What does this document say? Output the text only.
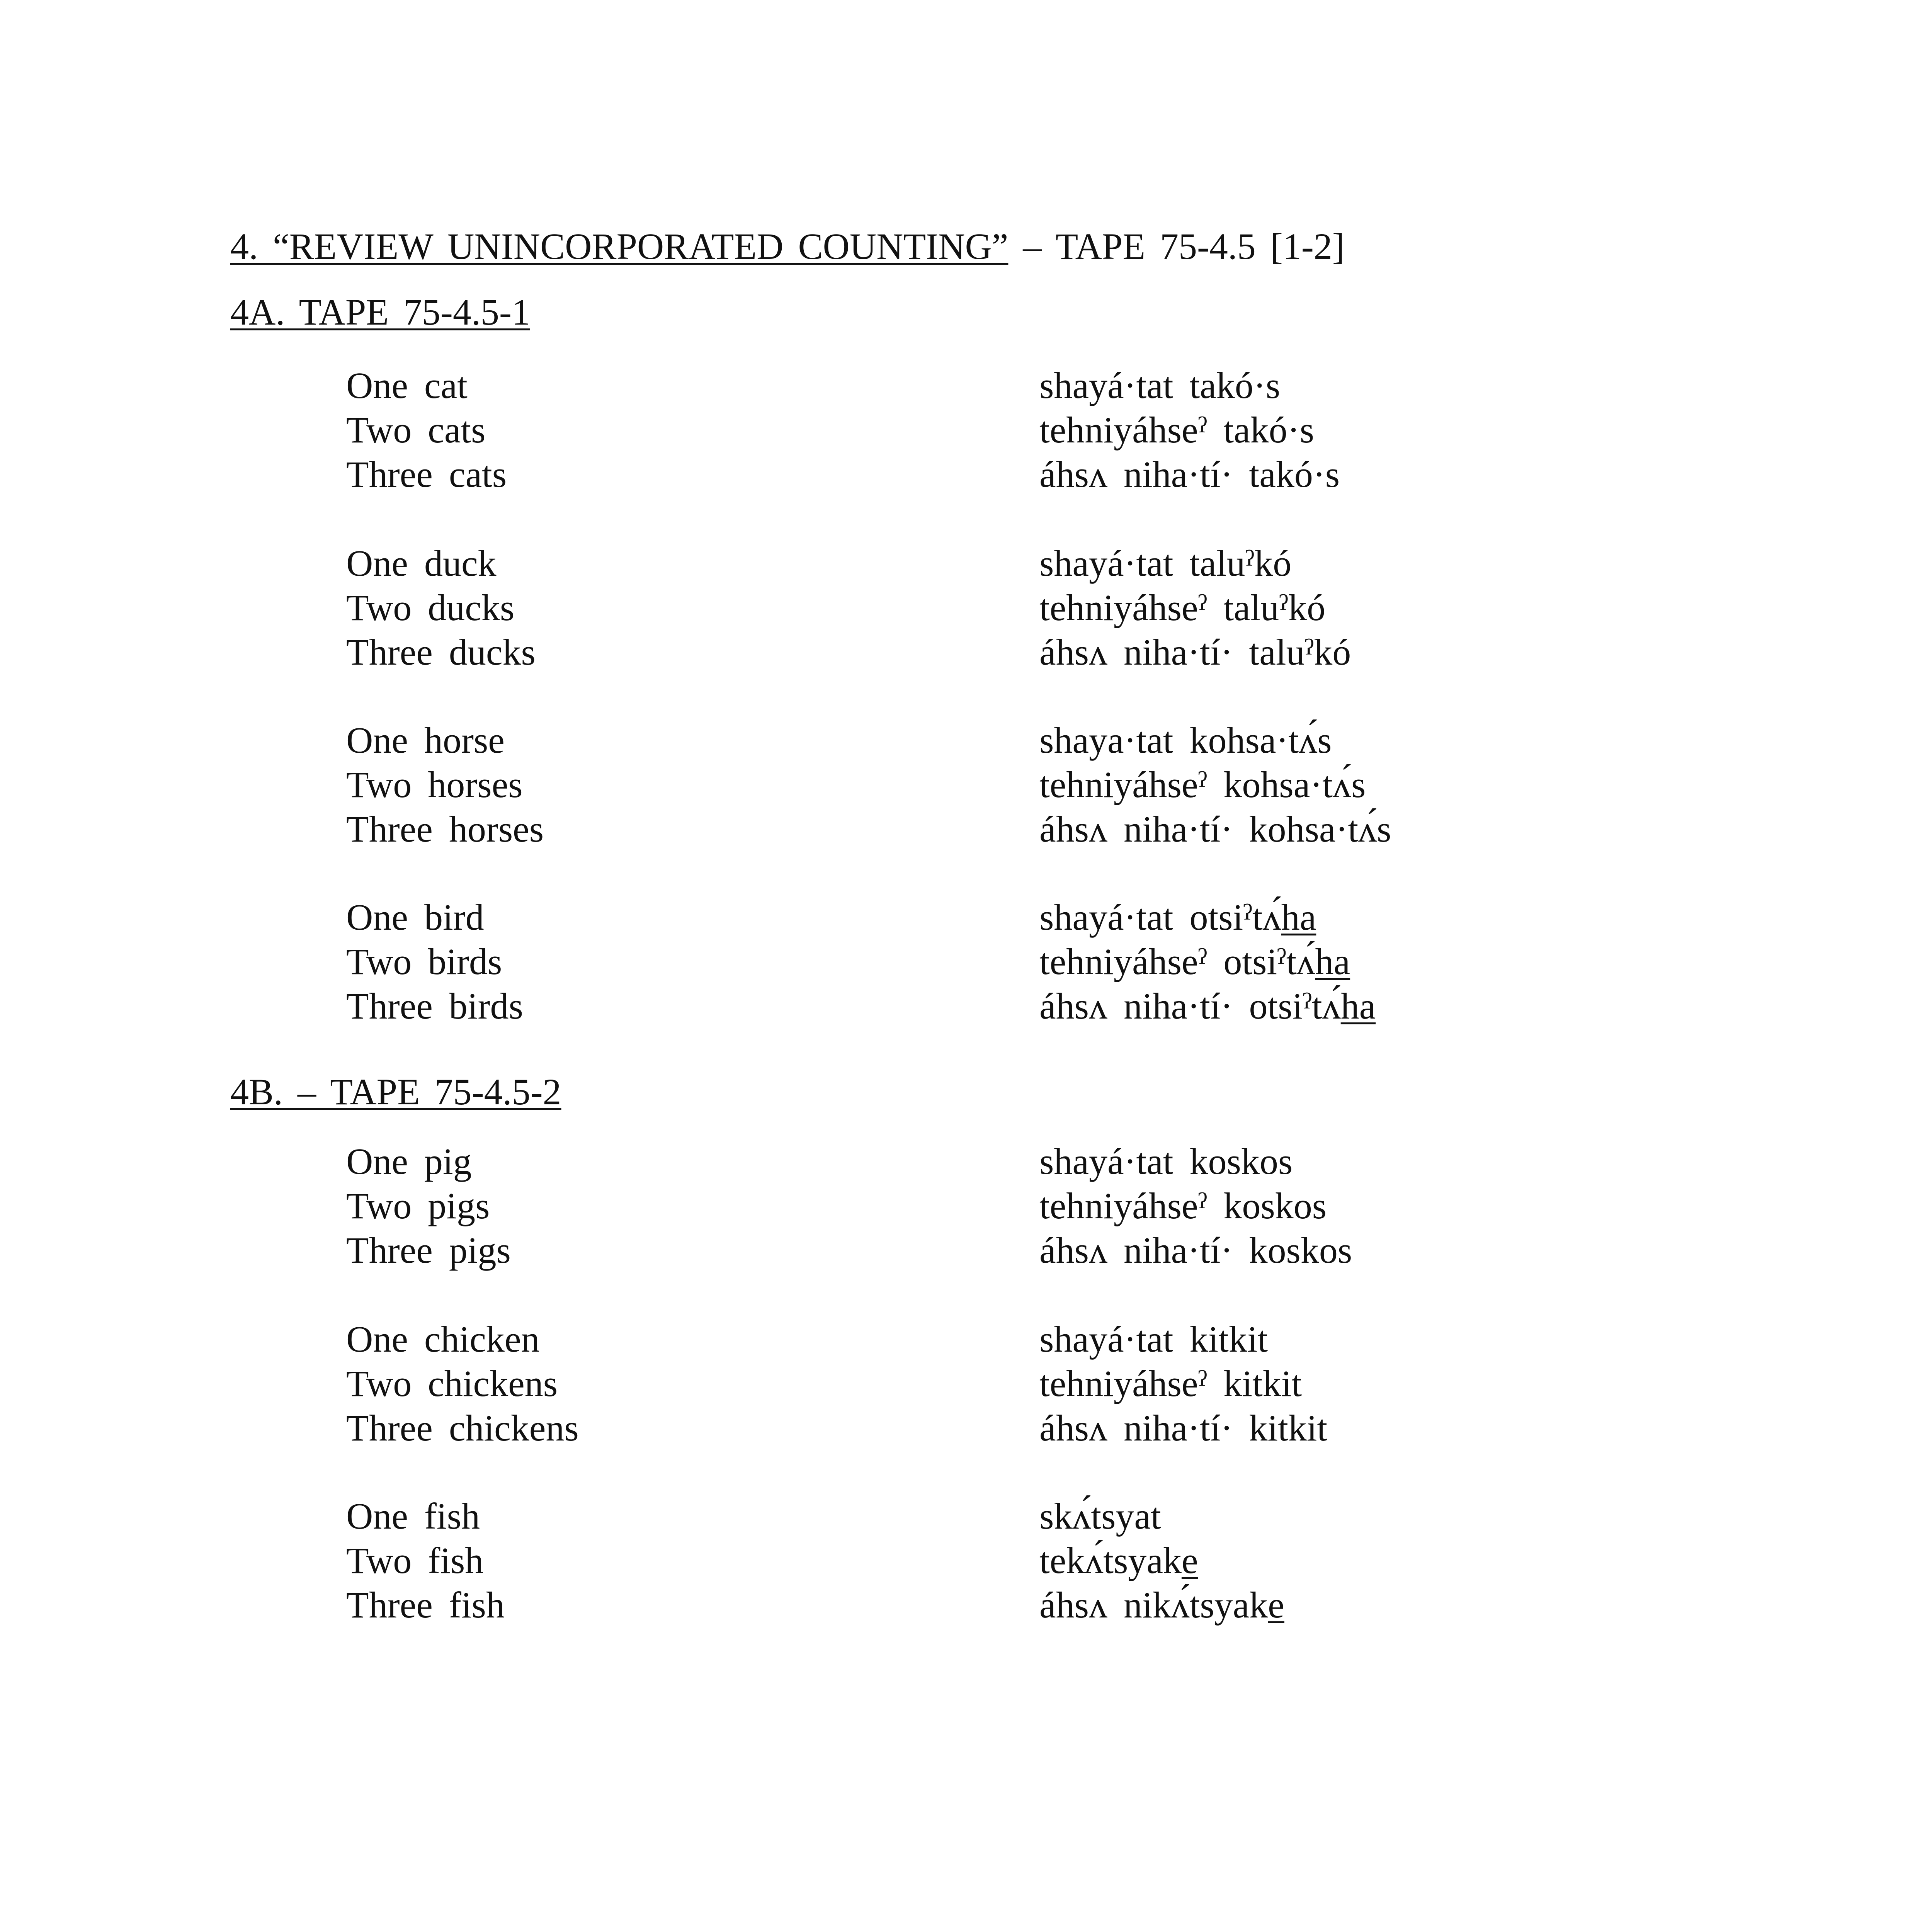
4. “REVIEW UNINCORPORATED COUNTING” – TAPE 75-4.5 [1-2]
4A. TAPE 75-4.5-1
One cat	shayá·tat takó·s
Two cats	tehniyáhseˀ takó·s
Three cats	áhsʌ niha·tí· takó·s
One duck	shayá·tat taluˀkó
Two ducks	tehniyáhseˀ taluˀkó
Three ducks	áhsʌ niha·tí· taluˀkó
One horse	shaya·tat kohsa·tʌ́s
Two horses	tehniyáhseˀ kohsa·tʌ́s
Three horses	áhsʌ niha·tí· kohsa·tʌ́s
One bird	shayá·tat otsiˀtʌ́ha
Two birds	tehniyáhseˀ otsiˀtʌ́ha
Three birds	áhsʌ niha·tí· otsiˀtʌ́ha
4B. – TAPE 75-4.5-2
One pig	shayá·tat koskos
Two pigs	tehniyáhseˀ koskos
Three pigs	áhsʌ niha·tí· koskos
One chicken	shayá·tat kitkit
Two chickens	tehniyáhseˀ kitkit
Three chickens	áhsʌ niha·tí· kitkit
One fish	skʌ́tsyat
Two fish	tekʌ́tsyake
Three fish	áhsʌ nikʌ́tsyake
